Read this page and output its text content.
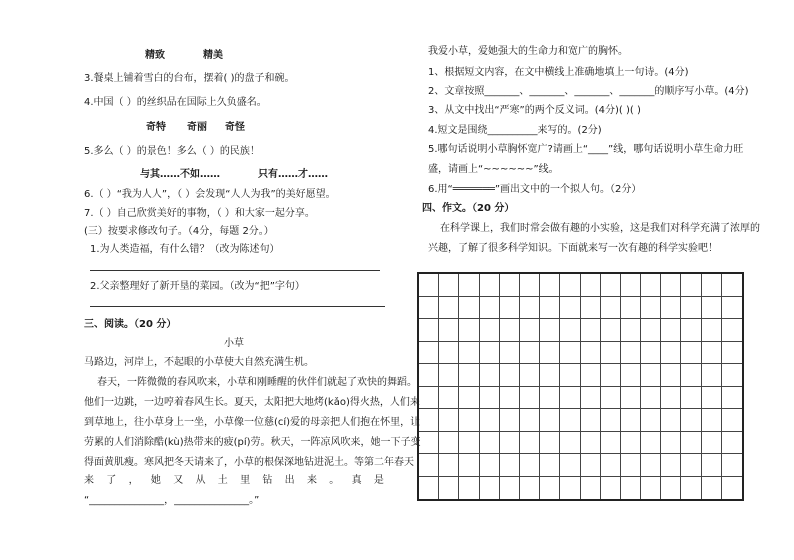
精致	精美
3.餐桌上铺着雪白的台布，摆着( )的盘子和碗。
4.中国（ ）的丝织品在国际上久负盛名。
奇特 奇丽 奇怪
5.多么（ ）的景色！多么（ ）的民族！
与其……不如……	只有……才……
6.（ ）“我为人人”，（ ）会发现“人人为我”的美好愿望。
7.（ ）自己欣赏美好的事物，（ ）和大家一起分享。
(三）按要求修改句子。（4分，每题 2分。）
1.为人类造福，有什么错？（改为陈述句）
2.父亲整理好了新开垦的菜园。（改为“把”字句）
三、阅读。（20 分）
小草
马路边，河岸上，不起眼的小草使大自然充满生机。
春天，一阵微微的春风吹来，小草和刚睡醒的伙伴们就起了欢快的舞蹈。
他们一边跳，一边哼着春风生长。夏天，太阳把大地烤(kǎo)得火热，人们来
到草地上，往小草身上一坐，小草像一位慈(cí)爱的母亲把人们抱在怀里，让
劳累的人们消除酷(kù)热带来的疲(pí)劳。秋天，一阵凉风吹来，她一下子变
得面黄肌瘦。寒风把冬天请来了，小草的根保深地钻进泥土。等第二年春天
来 了 ， 她 又 从 土 里 钻 出 来 。 真 是
“_______________，_______________。”
我爱小草，爱她强大的生命力和宽广的胸怀。
1、根据短文内容，在文中横线上准确地填上一句诗。(4分)
2、文章按照_______、_______、_______、_______的顺序写小草。(4分)
3、从文中找出“严寒”的两个反义词。(4分)( )( )
4.短文是围绕__________来写的。(2分)
5.哪句话说明小草胸怀宽广?请画上“____”线，哪句话说明小草生命力旺
盛，请画上“~~~~~~”线。
6.用“═══════”画出文中的一个拟人句。（2分）
四、作文。（20 分）
在科学课上，我们时常会做有趣的小实验，这是我们对科学充满了浓厚的
兴趣，了解了很多科学知识。下面就来写一次有趣的科学实验吧！
